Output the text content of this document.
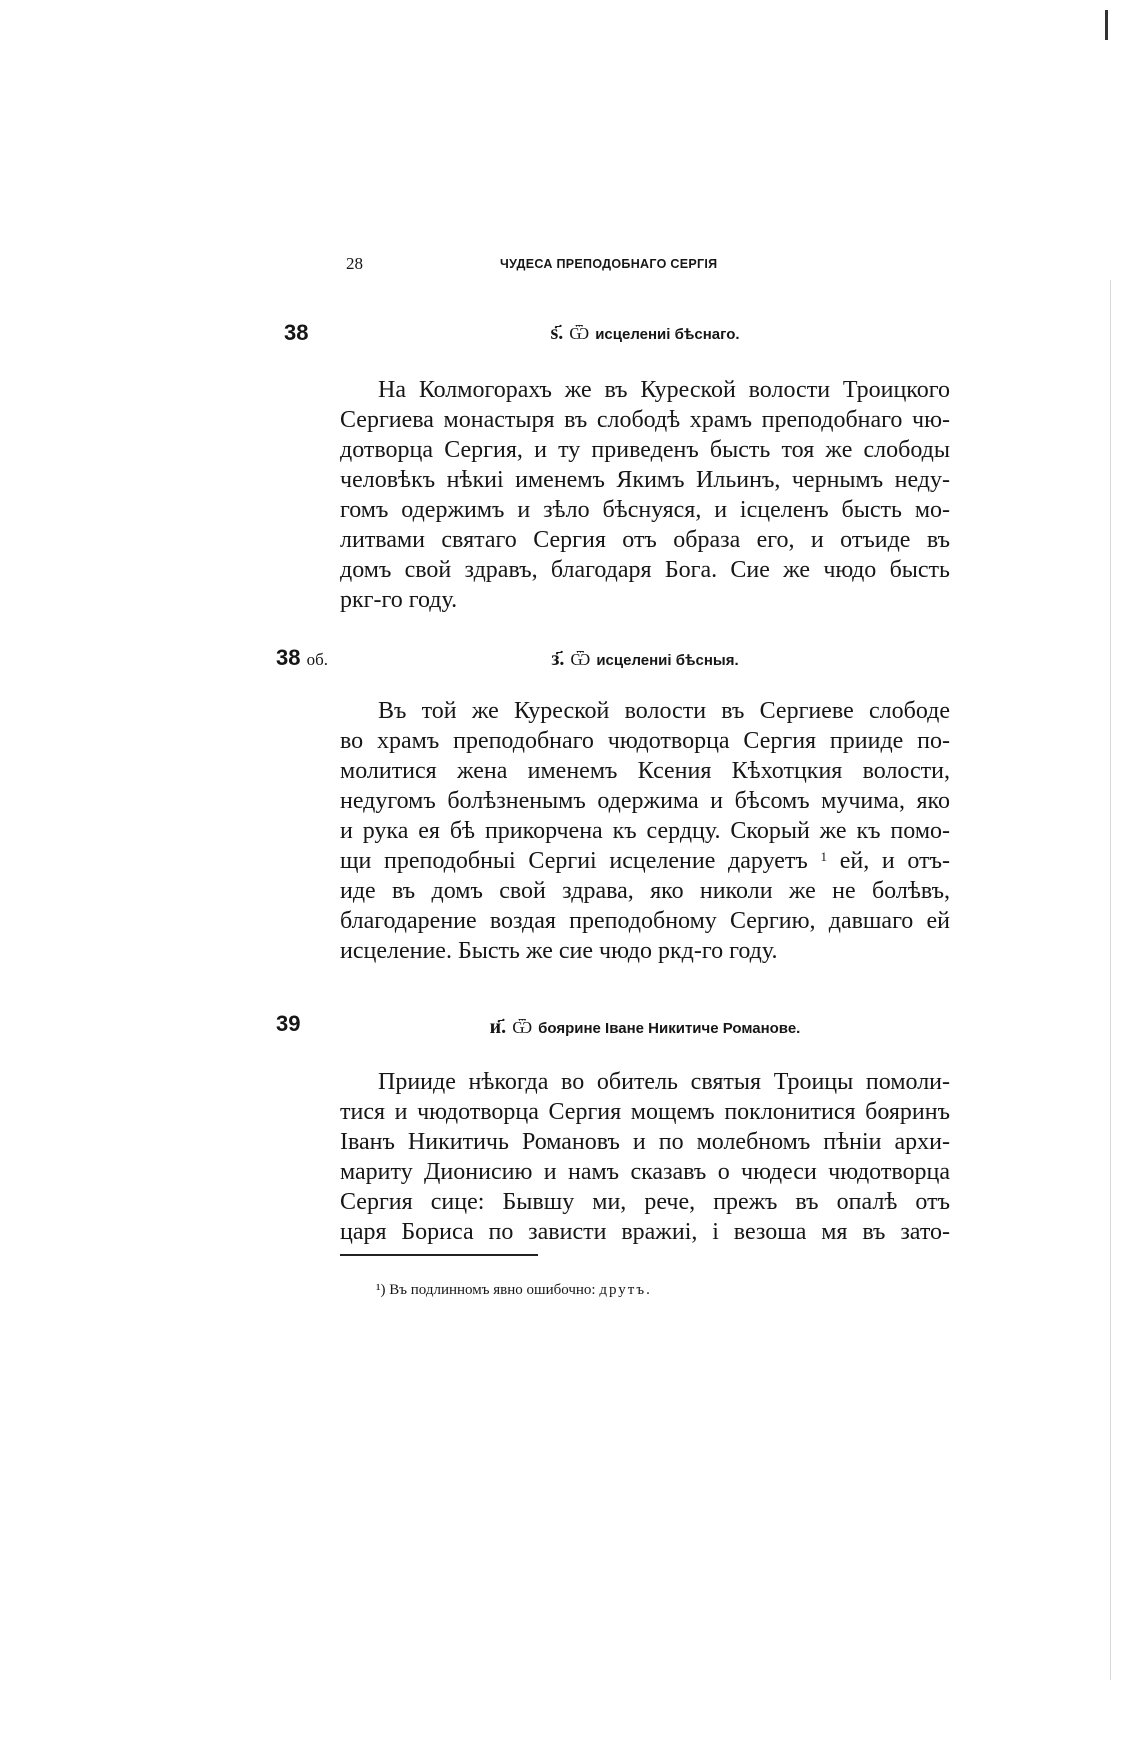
28	ЧУДЕСА ПРЕПОДОБНАГО СЕРГІЯ
38	ѕ҃. Ѿ исцелениі бѣснаго.
На Колмогорахъ же въ Куреской волости Троицкого
Сергиева монастыря въ слободѣ храмъ преподобнаго чю-
дотворца Сергия, и ту приведенъ бысть тоя же слободы
человѣкъ нѣкиі именемъ Якимъ Ильинъ, чернымъ недy-
гомъ одержимъ и зѣло бѣснуяся, и ісцеленъ бысть мо-
литвами святаго Сергия отъ образа его, и отъиде въ
домъ свой здравъ, благодаря Бога. Сие же чюдо бысть
ркг-го году.
38 об.	з҃. Ѿ исцелениі бѣсныя.
Въ той же Куреской волости въ Сергиеве слободе
во храмъ преподобнаго чюдотворца Сергия прииде по-
молитися жена именемъ Ксения Кѣхотцкия волости,
недугомъ болѣзненымъ одержима и бѣсомъ мучима, яко
и рука ея бѣ прикорчена къ сердцу. Скорый же къ помо-
щи преподобныі Сергиі исцеление даруетъ $^1$ ей, и отъ-
иде въ домъ свой здрава, яко николи же не болѣвъ,
благодарение воздая преподобному Сергию, давшаго ей
исцеление. Бысть же сие чюдо ркд-го году.
39	и҃. Ѿ боярине Іване Никитиче Романове.
Прииде нѣкогда во обитель святыя Троицы помоли-
тися и чюдотворца Сергия мощемъ поклонитися бояринъ
Іванъ Никитичь Романовъ и по молебномъ пѣніи архи-
мариту Дионисию и намъ сказавъ о чюдеси чюдотворца
Сергия сице: Бывшу ми, рече, прежъ въ опалѣ отъ
царя Бориса по зависти вражиі, і везоша мя въ зато-
¹) Въ подлинномъ явно ошибочно: друтъ.
